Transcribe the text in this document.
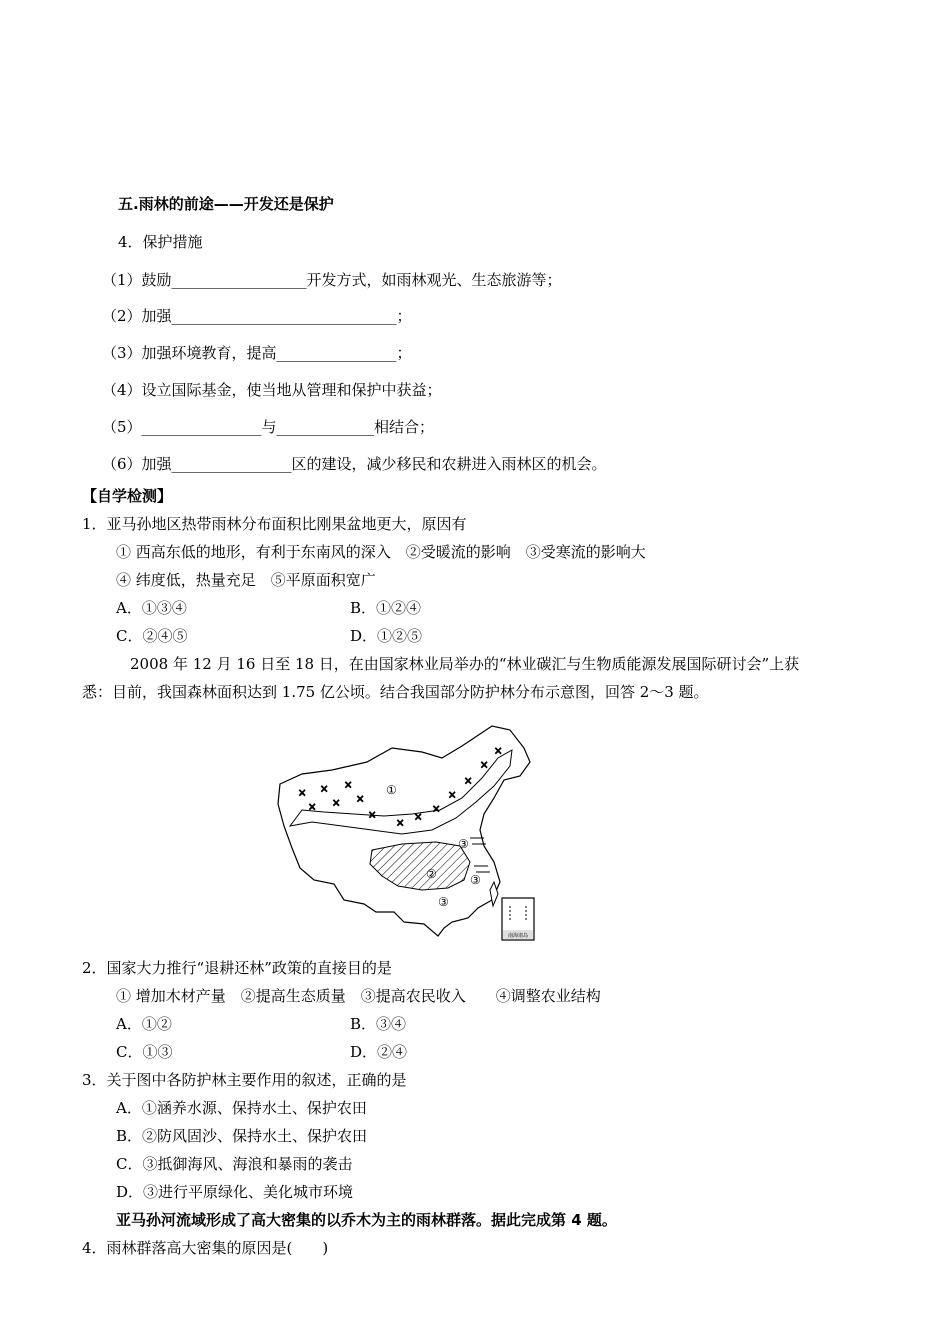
五.雨林的前途——开发还是保护
4．保护措施
（1）鼓励__________________开发方式，如雨林观光、生态旅游等；
（2）加强______________________________；
（3）加强环境教育，提高________________；
（4）设立国际基金，使当地从管理和保护中获益；
（5）________________与_____________相结合；
（6）加强________________区的建设，减少移民和农耕进入雨林区的机会。
【自学检测】
1．亚马孙地区热带雨林分布面积比刚果盆地更大，原因有
① 西高东低的地形，有利于东南风的深入　②受暖流的影响　③受寒流的影响大
④ 纬度低，热量充足　⑤平原面积宽广
A．①③④	B．①②④
C．②④⑤	D．①②⑤
2008 年 12 月 16 日至 18 日，在由国家林业局举办的“林业碳汇与生物质能源发展国际研讨会”上获
悉：目前，我国森林面积达到 1.75 亿公顷。结合我国部分防护林分布示意图，回答 2～3 题。
× × ×
× × ×
×
×
×
×
×
×
×
×
①
②
③
③
③
南海诸岛
2．国家大力推行“退耕还林”政策的直接目的是
① 增加木材产量　②提高生态质量　③提高农民收入　　④调整农业结构
A．①②	B．③④
C．①③	D．②④
3．关于图中各防护林主要作用的叙述，正确的是
A．①涵养水源、保持水土、保护农田
B．②防风固沙、保持水土、保护农田
C．③抵御海风、海浪和暴雨的袭击
D．③进行平原绿化、美化城市环境
亚马孙河流域形成了高大密集的以乔木为主的雨林群落。据此完成第 4 题。
4．雨林群落高大密集的原因是(　　)
